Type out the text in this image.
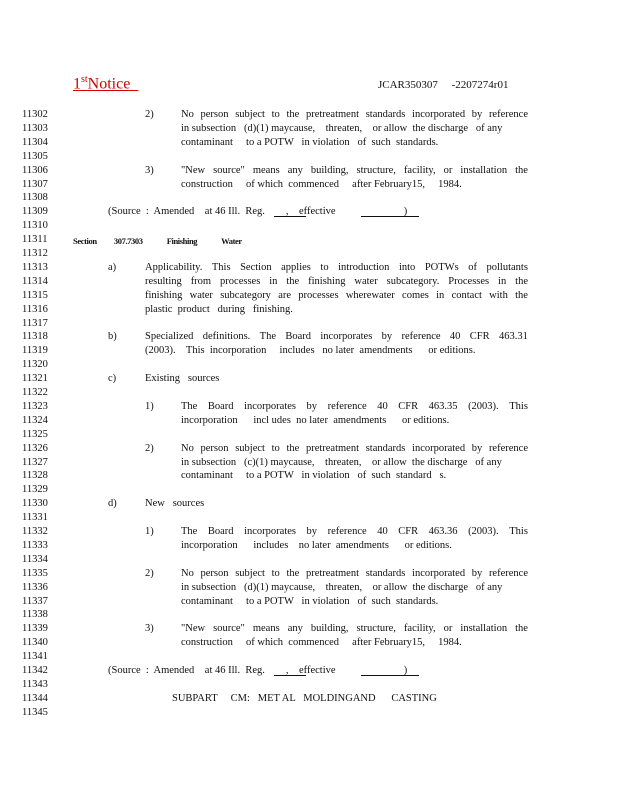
1stNotice	JCAR350307     -2207274r01
11302
11303
11304
11305
11306
11307
11308
11309
11310
11311
11312
11313
11314
11315
11316
11317
11318
11319
11320
11321
11322
11323
11324
11325
11326
11327
11328
11329
11330
11331
11332
11333
11334
11335
11336
11337
11338
11339
11340
11341
11342
11343
11344
11345
2)	No person subject to the pretreatment standards incorporated by reference
in subsection   (d)(1) maycause,    threaten,    or allow  the discharge   of any
contaminant     to a POTW   in violation   of  such  standards.
3)	"New source" means any building, structure, facility, or installation the
construction     of which  commenced     after February15,     1984.
(Source  :  Amended    at 46 Ill.  Reg.        ,    effective                          )
Section          307.7303              Finishing              Water
a)	Applicability. This Section applies to introduction into POTWs of pollutants
resulting from processes in the finishing water subcategory. Processes in the
finishing water subcategory are processes wherewater comes in contact with the
plastic  product   during   finishing.
b)	Specialized definitions. The Board incorporates by reference 40 CFR 463.31
(2003).    This  incorporation     includes   no later  amendments      or editions.
c)	Existing   sources
1)	The Board incorporates by reference 40 CFR 463.35 (2003). This
incorporation      incl udes  no later  amendments      or editions.
2)	No person subject to the pretreatment standards incorporated by reference
in subsection   (c)(1) maycause,    threaten,    or allow  the discharge   of any
contaminant     to a POTW   in violation   of  such  standard   s.
d)	New   sources
1)	The Board incorporates by reference 40 CFR 463.36 (2003). This
incorporation      includes    no later  amendments      or editions.
2)	No person subject to the pretreatment standards incorporated by reference
in subsection   (d)(1) maycause,    threaten,    or allow  the discharge   of any
contaminant     to a POTW   in violation   of  such  standards.
3)	"New source" means any building, structure, facility, or installation the
construction     of which  commenced     after February15,     1984.
(Source  :  Amended    at 46 Ill.  Reg.        ,    effective                          )
SUBPART     CM:   MET AL   MOLDINGAND      CASTING
